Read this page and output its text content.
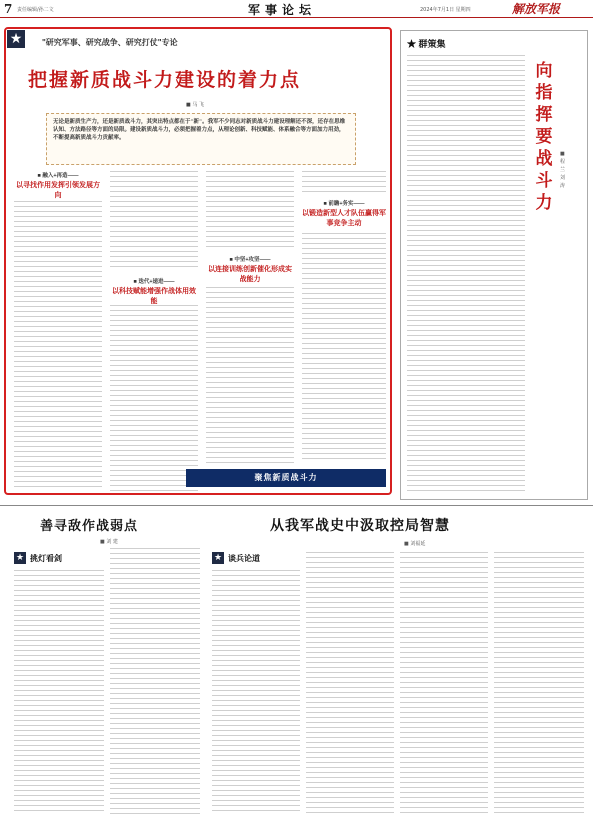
7 责任编辑/孙二文	军事论坛	2024年7月1日 星期四	解放军报
★	"研究军事、研究战争、研究打仗"专论
把握新质战斗力建设的着力点
■ 马 飞
无论是新质生产力，还是新质战斗力，其突出特点都在于"新"。我军不少同志对新质战斗力建设理解还不深，还存在思维认知、方法路径等方面的局限。建设新质战斗力，必须把握着力点，从理论创新、科技赋能、体系融合等方面加力用劲，不断提高新质战斗力贡献率。
■ 融入+再造——
以寻找作用发挥引领发展方向
■ 迭代+递进——
以科技赋能增强作战体用效能
■ 中坚+攻坚——
以连接训练创新催化形成实战能力
■ 前瞻+务实——
以锻造新型人才队伍赢得军事竞争主动
聚焦新质战斗力
★ 群策集
向指挥要战斗力
■ 程兰 刘 涛
善寻敌作战弱点
■ 刘 建
★ 挑灯看剑
从我军战史中汲取控局智慧
■ 刘福延
★ 谈兵论道
